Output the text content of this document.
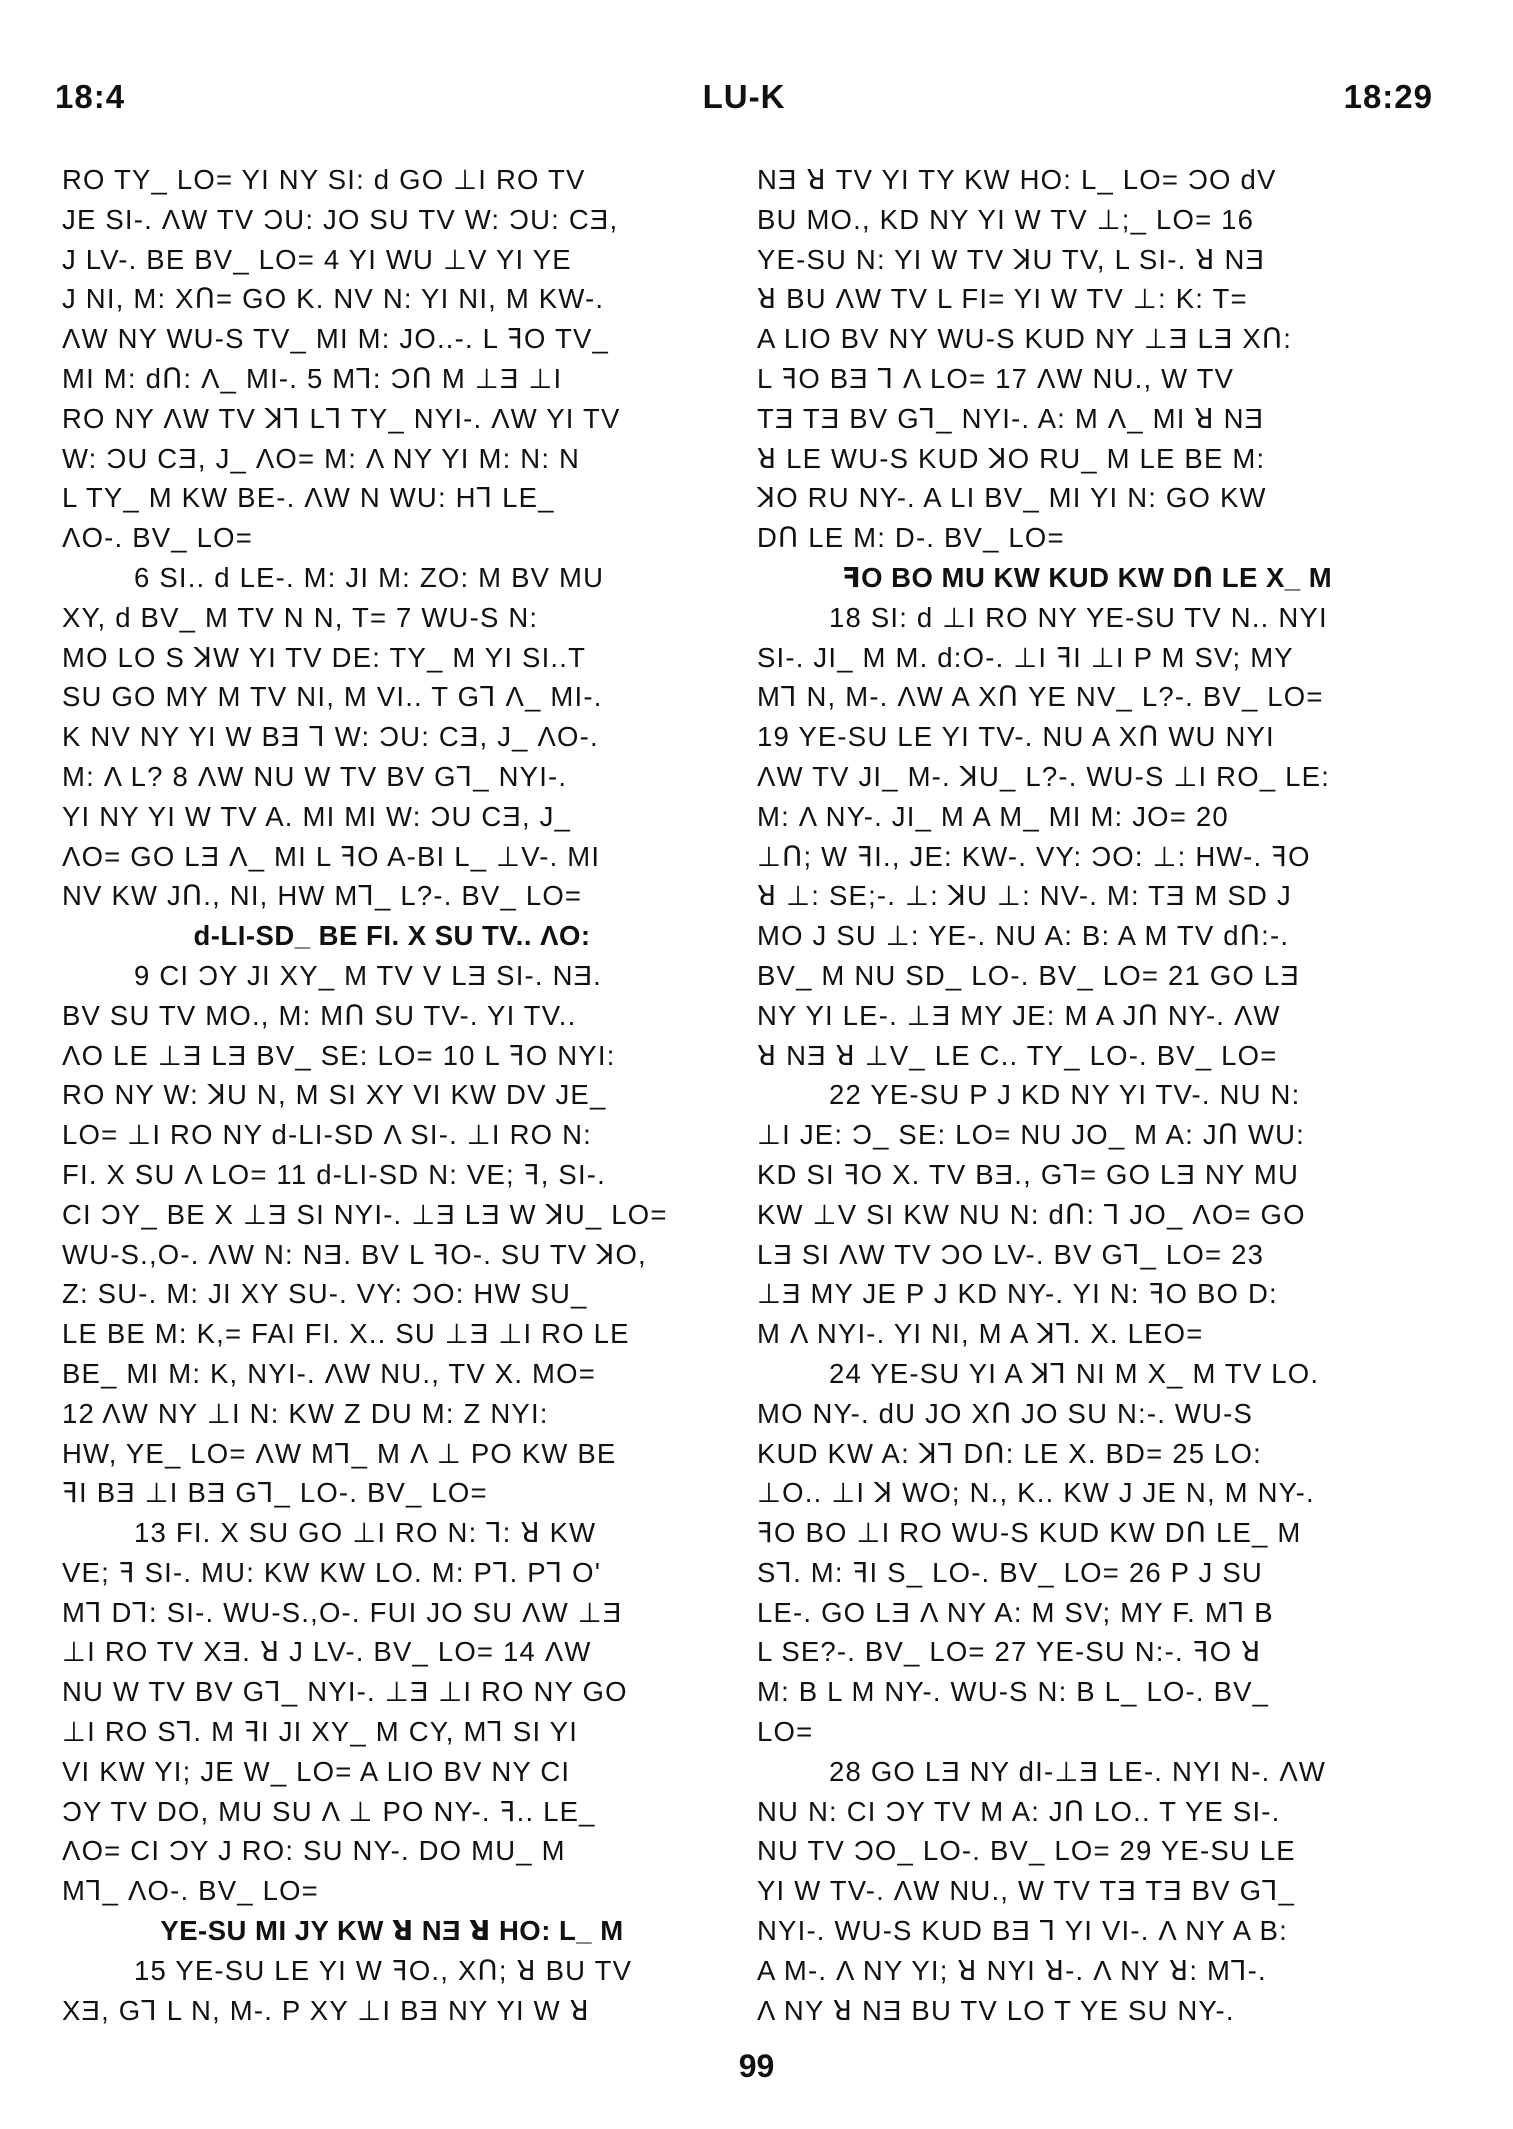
18:4	LU-K	18:29
RO TY_ LO= YI NY SI: d GO ⊥I RO TV
JE SI-. ΛW TV ƆU: JO SU TV W: ƆU: CƎ,
J LV-. BE BV_ LO= 4 YI WU ⊥V YI YE
J NI, M: XՈ= GO K. NV N: YI NI, M KW-.
ΛW NY WU-S TV_ MI M: JO..-. L ꟻO TV_
MI M: dՈ: Λ_ MI-. 5 M⅂: ƆՈ M ⊥Ǝ ⊥I
RO NY ΛW TV ꓘ⅂ L⅂ TY_ NYI-. ΛW YI TV
W: ƆU CƎ, J_ ΛO= M: Λ NY YI M: N: N
L TY_ M KW BE-. ΛW N WU: H⅂ LE_
ΛO-. BV_ LO=
6 SI.. d LE-. M: JI M: ZO: M BV MU
XY, d BV_ M TV N N, T= 7 WU-S N:
MO LO S ꓘW YI TV DE: TY_ M YI SI..T
SU GO MY M TV NI, M VI.. T G⅂ Λ_ MI-.
K NV NY YI W BƎ ⅂ W: ƆU: CƎ, J_ ΛO-.
M: Λ L? 8 ΛW NU W TV BV G⅂_ NYI-.
YI NY YI W TV A. MI MI W: ƆU CƎ, J_
ΛO= GO LƎ Λ_ MI L ꟻO A-BI L_ ⊥V-. MI
NV KW JՈ., NI, HW M⅂_ L?-. BV_ LO=
d-LI-SD_ BE FI. X SU TV.. ΛO:
9 CI ƆY JI XY_ M TV V LƎ SI-. NƎ.
BV SU TV MO., M: MՈ SU TV-. YI TV..
ΛO LE ⊥Ǝ LƎ BV_ SE: LO= 10 L ꟻO NYI:
RO NY W: ꓘU N, M SI XY VI KW DV JE_
LO= ⊥I RO NY d-LI-SD Λ SI-. ⊥I RO N:
FI. X SU Λ LO= 11 d-LI-SD N: VE; ꟻ, SI-.
CI ƆY_ BE X ⊥Ǝ SI NYI-. ⊥Ǝ LƎ W ꓘU_ LO=
WU-S.,O-. ΛW N: NƎ. BV L ꟻO-. SU TV ꓘO,
Z: SU-. M: JI XY SU-. VY: ƆO: HW SU_
LE BE M: K,= FAI FI. X.. SU ⊥Ǝ ⊥I RO LE
BE_ MI M: K, NYI-. ΛW NU., TV X. MO=
12 ΛW NY ⊥I N: KW Z DU M: Z NYI:
HW, YE_ LO= ΛW M⅂_ M Λ ⊥ PO KW BE
ꟻI BƎ ⊥I BƎ G⅂_ LO-. BV_ LO=
13 FI. X SU GO ⊥I RO N: ⅂: ꓤ KW
VE; ꟻ SI-. MU: KW KW LO. M: P⅂. P⅂ O'
M⅂ D⅂: SI-. WU-S.,O-. FUI JO SU ΛW ⊥Ǝ
⊥I RO TV XƎ. ꓤ J LV-. BV_ LO= 14 ΛW
NU W TV BV G⅂_ NYI-. ⊥Ǝ ⊥I RO NY GO
⊥I RO S⅂. M ꟻI JI XY_ M CY, M⅂ SI YI
VI KW YI; JE W_ LO= A LIO BV NY CI
ƆY TV DO, MU SU Λ ⊥ PO NY-. ꟻ.. LE_
ΛO= CI ƆY J RO: SU NY-. DO MU_ M
M⅂_ ΛO-. BV_ LO=
YE-SU MI JY KW ꓤ NƎ ꓤ HO: L_ M
15 YE-SU LE YI W ꟻO., XՈ; ꓤ BU TV
XƎ, G⅂ L N, M-. P XY ⊥I BƎ NY YI W ꓤ
NƎ ꓤ TV YI TY KW HO: L_ LO= ƆO dV
BU MO., KD NY YI W TV ⊥;_ LO= 16
YE-SU N: YI W TV ꓘU TV, L SI-. ꓤ NƎ
ꓤ BU ΛW TV L FI= YI W TV ⊥: K: T=
A LIO BV NY WU-S KUD NY ⊥Ǝ LƎ XՈ:
L ꟻO BƎ ⅂ Λ LO= 17 ΛW NU., W TV
TƎ TƎ BV G⅂_ NYI-. A: M Λ_ MI ꓤ NƎ
ꓤ LE WU-S KUD ꓘO RU_ M LE BE M:
ꓘO RU NY-. A LI BV_ MI YI N: GO KW
DՈ LE M: D-. BV_ LO=
ꟻO BO MU KW KUD KW DՈ LE X_ M
18 SI: d ⊥I RO NY YE-SU TV N.. NYI
SI-. JI_ M M. d:O-. ⊥I ꟻI ⊥I P M SV; MY
M⅂ N, M-. ΛW A XՈ YE NV_ L?-. BV_ LO=
19 YE-SU LE YI TV-. NU A XՈ WU NYI
ΛW TV JI_ M-. ꓘU_ L?-. WU-S ⊥I RO_ LE:
M: Λ NY-. JI_ M A M_ MI M: JO= 20
⊥Ո; W ꟻI., JE: KW-. VY: ƆO: ⊥: HW-. ꟻO
ꓤ ⊥: SE;-. ⊥: ꓘU ⊥: NV-. M: TƎ M SD J
MO J SU ⊥: YE-. NU A: B: A M TV dՈ:-.
BV_ M NU SD_ LO-. BV_ LO= 21 GO LƎ
NY YI LE-. ⊥Ǝ MY JE: M A JՈ NY-. ΛW
ꓤ NƎ ꓤ ⊥V_ LE C.. TY_ LO-. BV_ LO=
22 YE-SU P J KD NY YI TV-. NU N:
⊥I JE: Ɔ_ SE: LO= NU JO_ M A: JՈ WU:
KD SI ꟻO X. TV BƎ., G⅂= GO LƎ NY MU
KW ⊥V SI KW NU N: dՈ: ⅂ JO_ ΛO= GO
LƎ SI ΛW TV ƆO LV-. BV G⅂_ LO= 23
⊥Ǝ MY JE P J KD NY-. YI N: ꟻO BO D:
M Λ NYI-. YI NI, M A ꓘ⅂. X. LEO=
24 YE-SU YI A ꓘ⅂ NI M X_ M TV LO.
MO NY-. dU JO XՈ JO SU N:-. WU-S
KUD KW A: ꓘ⅂ DՈ: LE X. BD= 25 LO:
⊥O.. ⊥I ꓘ WO; N., K.. KW J JE N, M NY-.
ꟻO BO ⊥I RO WU-S KUD KW DՈ LE_ M
S⅂. M: ꟻI S_ LO-. BV_ LO= 26 P J SU
LE-. GO LƎ Λ NY A: M SV; MY F. M⅂ B
L SE?-. BV_ LO= 27 YE-SU N:-. ꟻO ꓤ
M: B L M NY-. WU-S N: B L_ LO-. BV_
LO=
28 GO LƎ NY dI-⊥Ǝ LE-. NYI N-. ΛW
NU N: CI ƆY TV M A: JՈ LO.. T YE SI-.
NU TV ƆO_ LO-. BV_ LO= 29 YE-SU LE
YI W TV-. ΛW NU., W TV TƎ TƎ BV G⅂_
NYI-. WU-S KUD BƎ ⅂ YI VI-. Λ NY A B:
A M-. Λ NY YI; ꓤ NYI ꓤ-. Λ NY ꓤ: M⅂-.
Λ NY ꓤ NƎ BU TV LO T YE SU NY-.
99
